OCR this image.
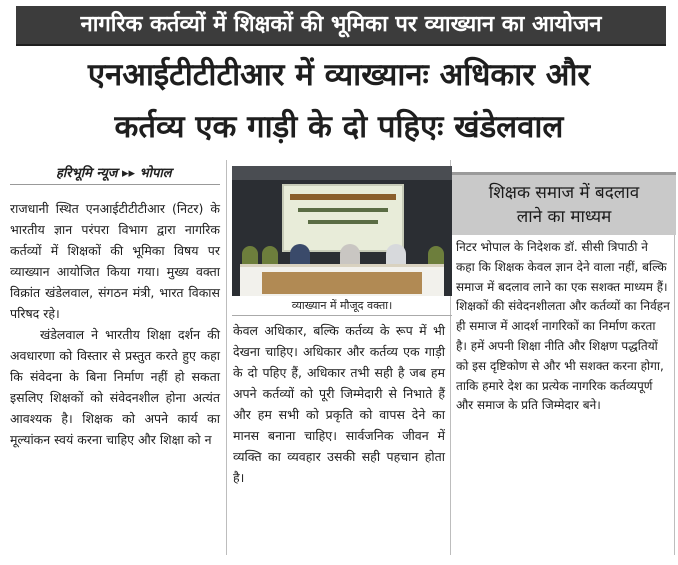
नागरिक कर्तव्यों में शिक्षकों की भूमिका पर व्याख्यान का आयोजन
एनआईटीटीटीआर में व्याख्यानः अधिकार और
कर्तव्य एक गाड़ी के दो पहिएः खंडेलवाल
हरिभूमि न्यूज ▸▸ भोपाल

राजधानी स्थित एनआईटीटीटीआर (निटर) के भारतीय ज्ञान परंपरा विभाग द्वारा नागरिक कर्तव्यों में शिक्षकों की भूमिका विषय पर व्याख्यान आयोजित किया गया। मुख्य वक्ता विक्रांत खंडेलवाल, संगठन मंत्री, भारत विकास परिषद रहे।

खंडेलवाल ने भारतीय शिक्षा दर्शन की अवधारणा को विस्तार से प्रस्तुत करते हुए कहा कि संवेदना के बिना निर्माण नहीं हो सकता इसलिए शिक्षकों को संवेदनशील होना अत्यंत आवश्यक है। शिक्षक को अपने कार्य का मूल्यांकन स्वयं करना चाहिए और शिक्षा को न

व्याख्यान में मौजूद वक्ता।

केवल अधिकार, बल्कि कर्तव्य के रूप में भी देखना चाहिए। अधिकार और कर्तव्य एक गाड़ी के दो पहिए हैं, अधिकार तभी सही है जब हम अपने कर्तव्यों को पूरी जिम्मेदारी से निभाते हैं और हम सभी को प्रकृति को वापस देने का मानस बनाना चाहिए। सार्वजनिक जीवन में व्यक्ति का व्यवहार उसकी सही पहचान होता है।

शिक्षक समाज में बदलाव
लाने का माध्यम

निटर भोपाल के निदेशक डॉ. सीसी त्रिपाठी ने कहा कि शिक्षक केवल ज्ञान देने वाला नहीं, बल्कि समाज में बदलाव लाने का एक सशक्त माध्यम हैं। शिक्षकों की संवेदनशीलता और कर्तव्यों का निर्वहन ही समाज में आदर्श नागरिकों का निर्माण करता है। हमें अपनी शिक्षा नीति और शिक्षण पद्धतियों को इस दृष्टिकोण से और भी सशक्त करना होगा, ताकि हमारे देश का प्रत्येक नागरिक कर्तव्यपूर्ण और समाज के प्रति जिम्मेदार बने।
